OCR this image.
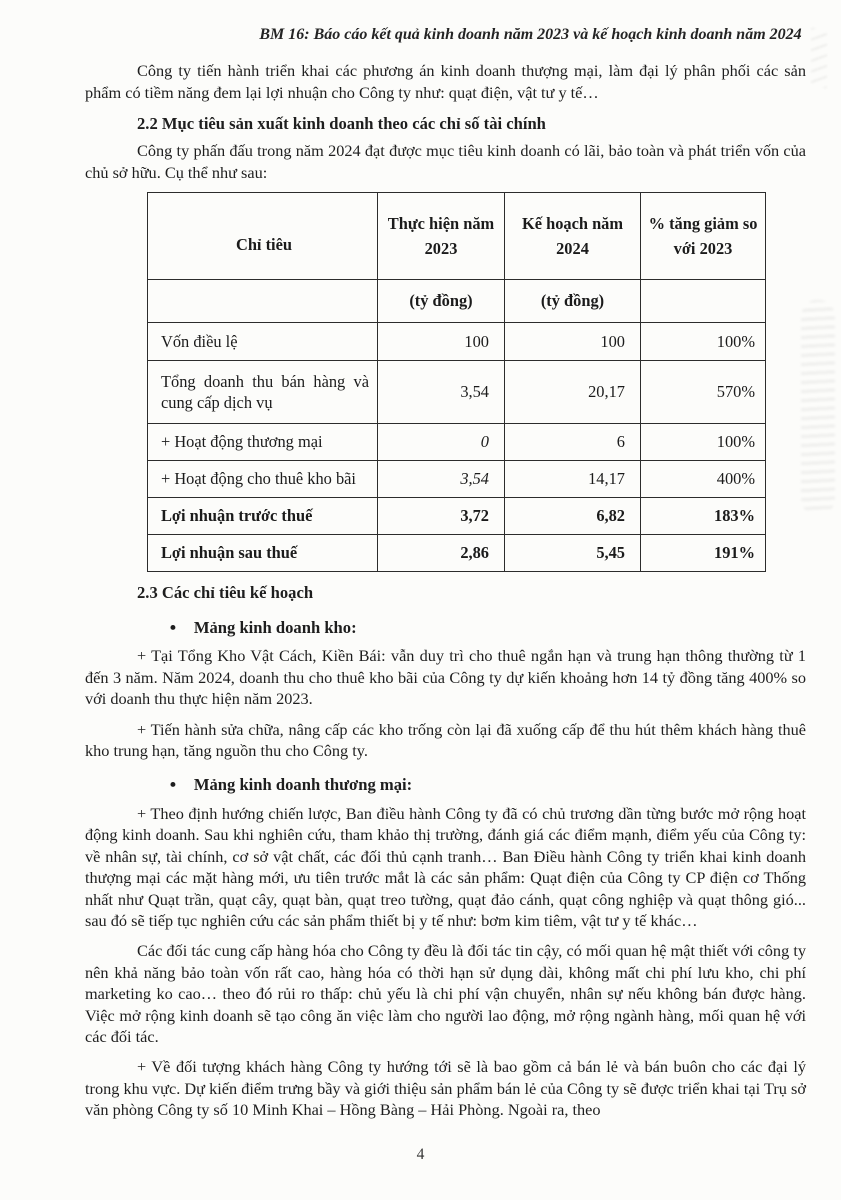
BM 16: Báo cáo kết quả kinh doanh năm 2023 và kế hoạch kinh doanh năm 2024

Công ty tiến hành triển khai các phương án kinh doanh thượng mại, làm đại lý phân phối các sản phẩm có tiềm năng đem lại lợi nhuận cho Công ty như: quạt điện, vật tư y tế…

2.2 Mục tiêu sản xuất kinh doanh theo các chỉ số tài chính

Công ty phấn đấu trong năm 2024 đạt được mục tiêu kinh doanh có lãi, bảo toàn và phát triển vốn của chủ sở hữu. Cụ thể như sau:

Chỉ tiêu	Thực hiện năm 2023	Kế hoạch năm 2024	% tăng giảm so với 2023
	(tỷ đồng)	(tỷ đồng)	
Vốn điều lệ	100	100	100%
Tổng doanh thu bán hàng và cung cấp dịch vụ	3,54	20,17	570%
+ Hoạt động thương mại	0	6	100%
+ Hoạt động cho thuê kho bãi	3,54	14,17	400%
Lợi nhuận trước thuế	3,72	6,82	183%
Lợi nhuận sau thuế	2,86	5,45	191%
2.3 Các chỉ tiêu kế hoạch
• Mảng kinh doanh kho:

+ Tại Tổng Kho Vật Cách, Kiền Bái: vẫn duy trì cho thuê ngắn hạn và trung hạn thông thường từ 1 đến 3 năm. Năm 2024, doanh thu cho thuê kho bãi của Công ty dự kiến khoảng hơn 14 tỷ đồng tăng 400% so với doanh thu thực hiện năm 2023.

+ Tiến hành sửa chữa, nâng cấp các kho trống còn lại đã xuống cấp để thu hút thêm khách hàng thuê kho trung hạn, tăng nguồn thu cho Công ty.

• Mảng kinh doanh thương mại:

+ Theo định hướng chiến lược, Ban điều hành Công ty đã có chủ trương dần từng bước mở rộng hoạt động kinh doanh. Sau khi nghiên cứu, tham khảo thị trường, đánh giá các điểm mạnh, điểm yếu của Công ty: về nhân sự, tài chính, cơ sở vật chất, các đối thủ cạnh tranh… Ban Điều hành Công ty triển khai kinh doanh thượng mại các mặt hàng mới, ưu tiên trước mắt là các sản phẩm: Quạt điện của Công ty CP điện cơ Thống nhất như Quạt trần, quạt cây, quạt bàn, quạt treo tường, quạt đảo cánh, quạt công nghiệp và quạt thông gió... sau đó sẽ tiếp tục nghiên cứu các sản phẩm thiết bị y tế như: bơm kim tiêm, vật tư y tế khác…

Các đối tác cung cấp hàng hóa cho Công ty đều là đối tác tin cậy, có mối quan hệ mật thiết với công ty nên khả năng bảo toàn vốn rất cao, hàng hóa có thời hạn sử dụng dài, không mất chi phí lưu kho, chi phí marketing ko cao… theo đó rủi ro thấp: chủ yếu là chi phí vận chuyển, nhân sự nếu không bán được hàng. Việc mở rộng kinh doanh sẽ tạo công ăn việc làm cho người lao động, mở rộng ngành hàng, mối quan hệ với các đối tác.

+ Về đối tượng khách hàng Công ty hướng tới sẽ là bao gồm cả bán lẻ và bán buôn cho các đại lý trong khu vực. Dự kiến điểm trưng bầy và giới thiệu sản phẩm bán lẻ của Công ty sẽ được triển khai tại Trụ sở văn phòng Công ty số 10 Minh Khai – Hồng Bàng – Hải Phòng. Ngoài ra, theo

4
